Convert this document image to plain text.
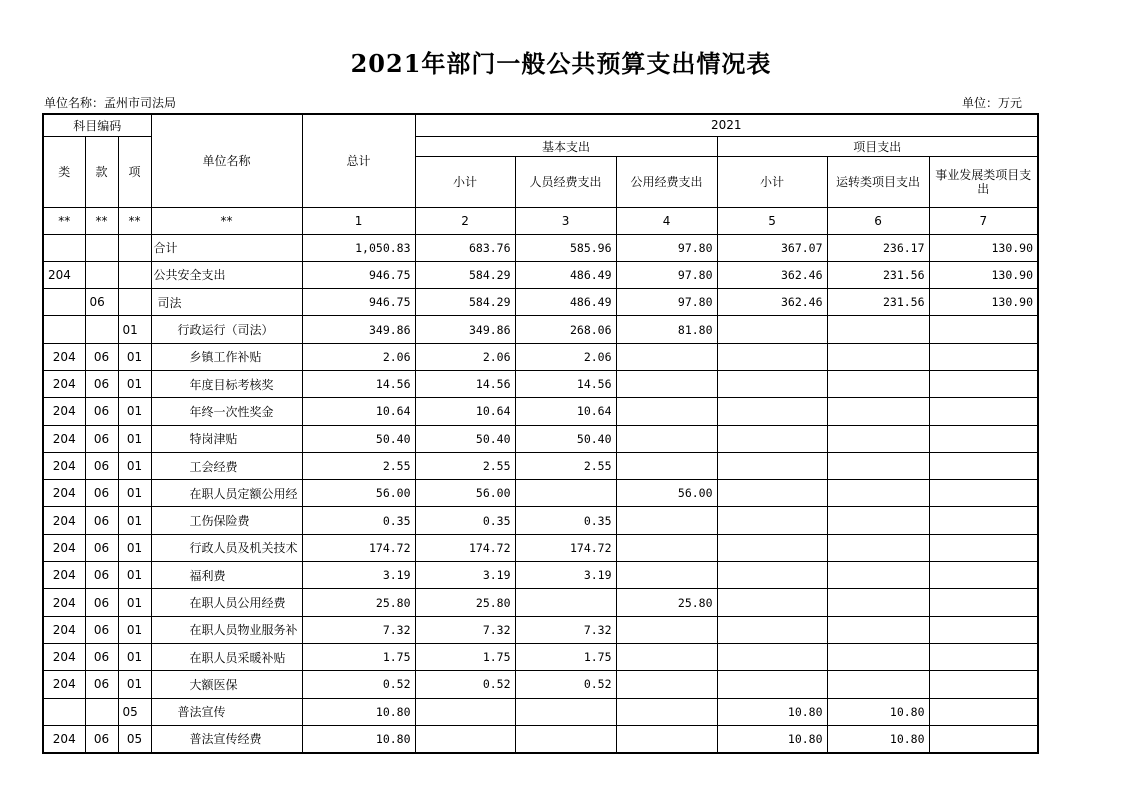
2021年部门一般公共预算支出情况表
单位名称：孟州市司法局	单位：万元
科目编码			单位名称	总计	2021					
类	款	项			基本支出			项目支出		
					小计	人员经费支出	公用经费支出	小计	运转类项目支出	事业发展类项目支出
**	**	**	**	1	2	3	4	5	6	7
			合计	1,050.83	683.76	585.96	97.80	367.07	236.17	130.90
204			公共安全支出	946.75	584.29	486.49	97.80	362.46	231.56	130.90
	06		司法	946.75	584.29	486.49	97.80	362.46	231.56	130.90
		01	行政运行（司法）	349.86	349.86	268.06	81.80			
204	06	01	乡镇工作补贴	2.06	2.06	2.06				
204	06	01	年度目标考核奖	14.56	14.56	14.56				
204	06	01	年终一次性奖金	10.64	10.64	10.64				
204	06	01	特岗津贴	50.40	50.40	50.40				
204	06	01	工会经费	2.55	2.55	2.55				
204	06	01	在职人员定额公用经	56.00	56.00		56.00			
204	06	01	工伤保险费	0.35	0.35	0.35				
204	06	01	行政人员及机关技术	174.72	174.72	174.72				
204	06	01	福利费	3.19	3.19	3.19				
204	06	01	在职人员公用经费	25.80	25.80		25.80			
204	06	01	在职人员物业服务补	7.32	7.32	7.32				
204	06	01	在职人员采暖补贴	1.75	1.75	1.75				
204	06	01	大额医保	0.52	0.52	0.52				
		05	普法宣传	10.80				10.80	10.80	
204	06	05	普法宣传经费	10.80				10.80	10.80	
